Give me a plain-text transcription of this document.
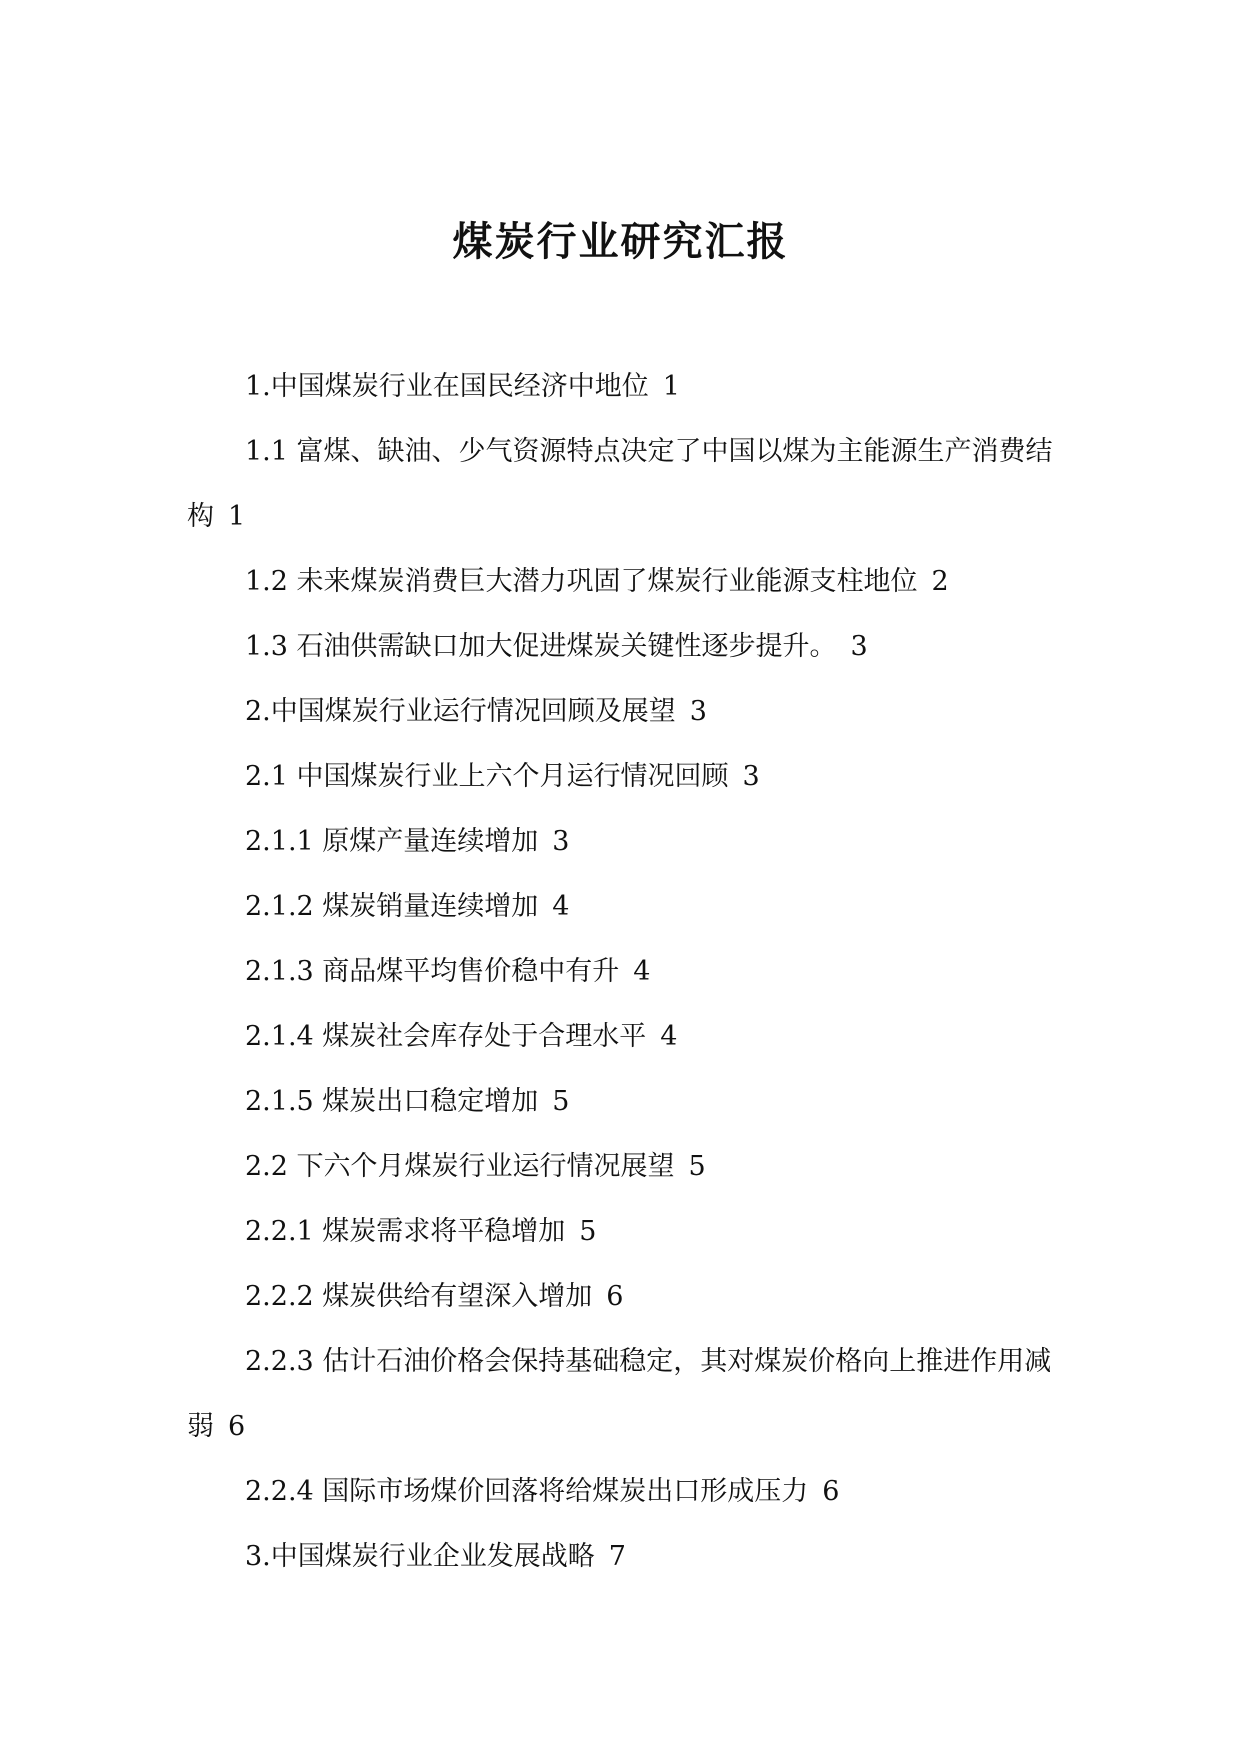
煤炭行业研究汇报
1.中国煤炭行业在国民经济中地位 1
1.1 富煤、缺油、少气资源特点决定了中国以煤为主能源生产消费结构 1
1.2 未来煤炭消费巨大潜力巩固了煤炭行业能源支柱地位 2
1.3 石油供需缺口加大促进煤炭关键性逐步提升。 3
2.中国煤炭行业运行情况回顾及展望 3
2.1 中国煤炭行业上六个月运行情况回顾 3
2.1.1 原煤产量连续增加 3
2.1.2 煤炭销量连续增加 4
2.1.3 商品煤平均售价稳中有升 4
2.1.4 煤炭社会库存处于合理水平 4
2.1.5 煤炭出口稳定增加 5
2.2 下六个月煤炭行业运行情况展望 5
2.2.1 煤炭需求将平稳增加 5
2.2.2 煤炭供给有望深入增加 6
2.2.3 估计石油价格会保持基础稳定，其对煤炭价格向上推进作用减弱 6
2.2.4 国际市场煤价回落将给煤炭出口形成压力 6
3.中国煤炭行业企业发展战略 7
